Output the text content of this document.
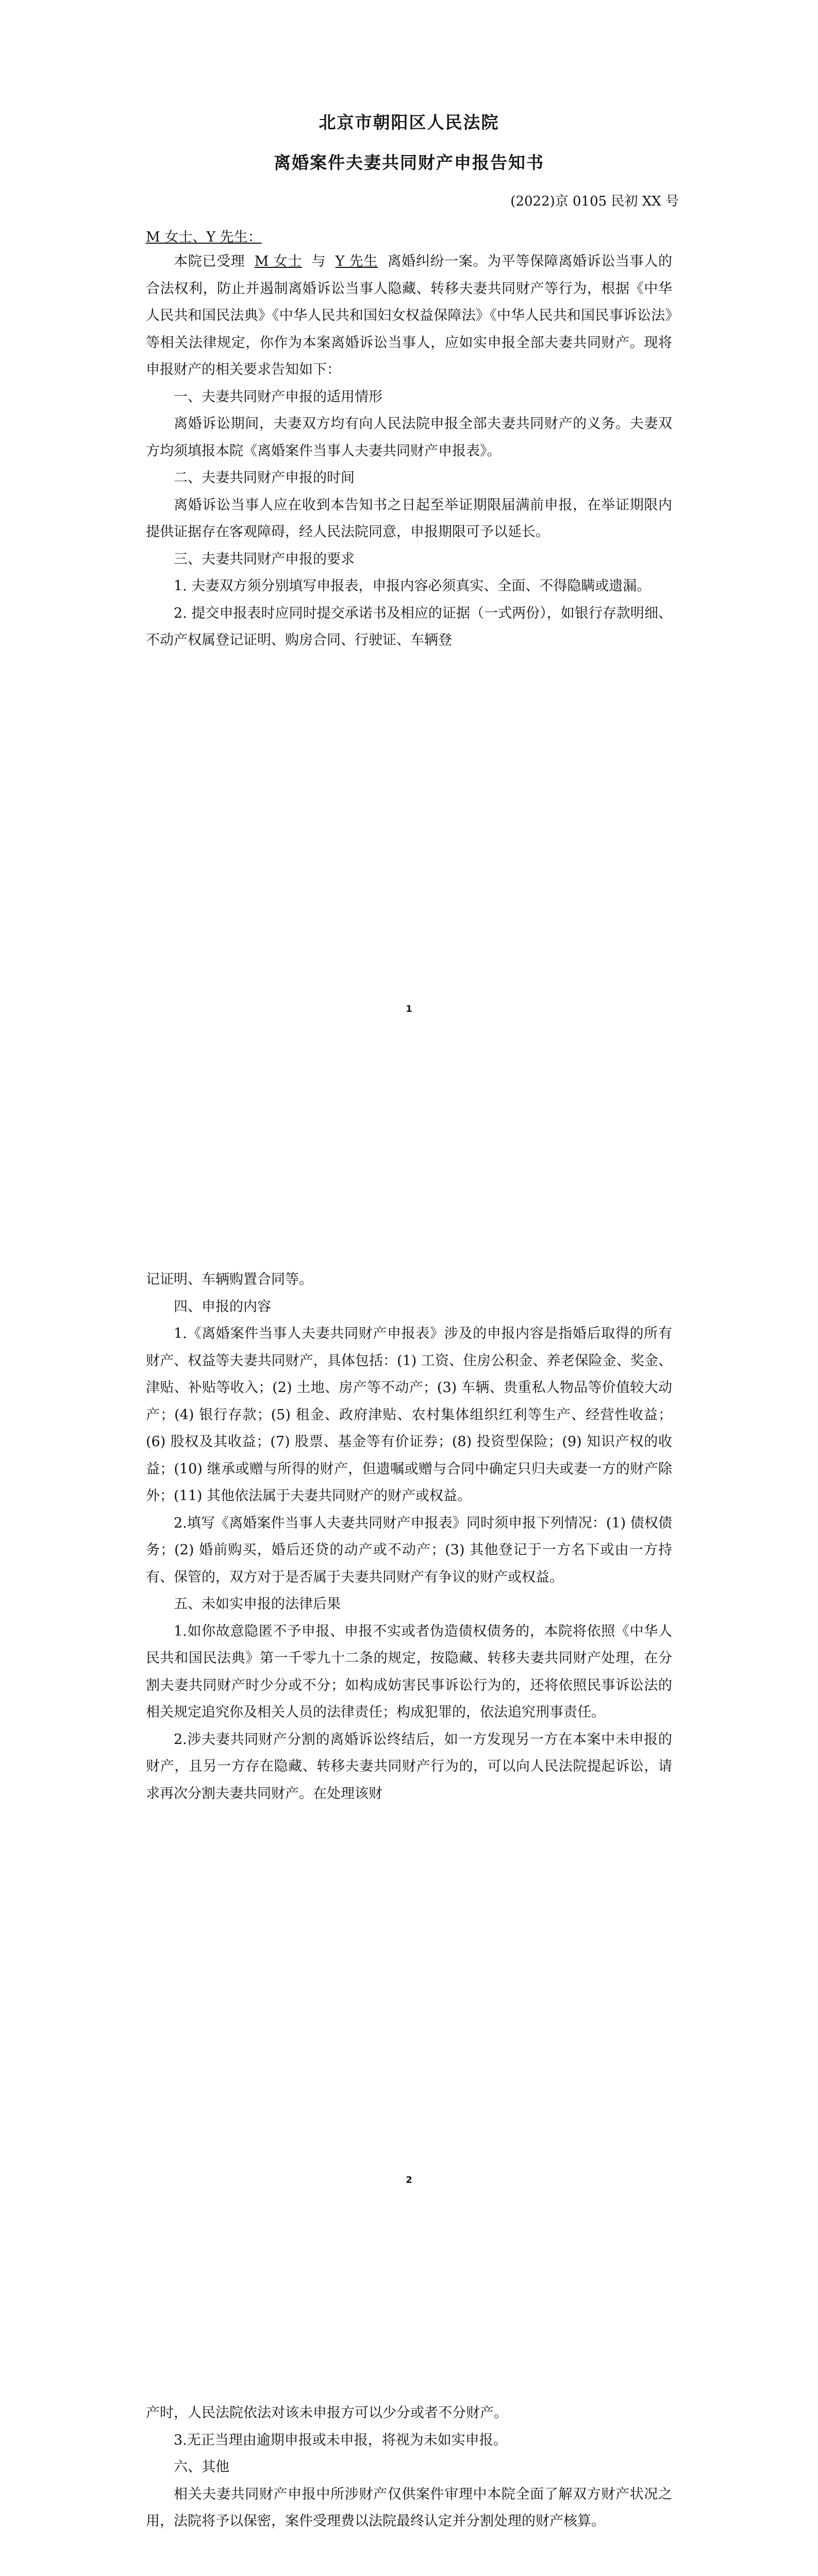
北京市朝阳区人民法院
离婚案件夫妻共同财产申报告知书
(2022)京 0105 民初 XX 号
M 女士、Y 先生：

本院已受理 M 女士 与 Y 先生 离婚纠纷一案。为平等保障离婚诉讼当事人的合法权利，防止并遏制离婚诉讼当事人隐藏、转移夫妻共同财产等行为，根据《中华人民共和国民法典》《中华人民共和国妇女权益保障法》《中华人民共和国民事诉讼法》等相关法律规定，你作为本案离婚诉讼当事人，应如实申报全部夫妻共同财产。现将申报财产的相关要求告知如下：

一、夫妻共同财产申报的适用情形

离婚诉讼期间，夫妻双方均有向人民法院申报全部夫妻共同财产的义务。夫妻双方均须填报本院《离婚案件当事人夫妻共同财产申报表》。

二、夫妻共同财产申报的时间

离婚诉讼当事人应在收到本告知书之日起至举证期限届满前申报，在举证期限内提供证据存在客观障碍，经人民法院同意，申报期限可予以延长。

三、夫妻共同财产申报的要求

1. 夫妻双方须分别填写申报表，申报内容必须真实、全面、不得隐瞒或遗漏。

2. 提交申报表时应同时提交承诺书及相应的证据（一式两份），如银行存款明细、不动产权属登记证明、购房合同、行驶证、车辆登

1

记证明、车辆购置合同等。

四、申报的内容

1.《离婚案件当事人夫妻共同财产申报表》涉及的申报内容是指婚后取得的所有财产、权益等夫妻共同财产，具体包括：(1) 工资、住房公积金、养老保险金、奖金、津贴、补贴等收入；(2) 土地、房产等不动产；(3) 车辆、贵重私人物品等价值较大动产；(4) 银行存款；(5) 租金、政府津贴、农村集体组织红利等生产、经营性收益；(6) 股权及其收益；(7) 股票、基金等有价证券；(8) 投资型保险；(9) 知识产权的收益；(10) 继承或赠与所得的财产，但遗嘱或赠与合同中确定只归夫或妻一方的财产除外；(11) 其他依法属于夫妻共同财产的财产或权益。

2.填写《离婚案件当事人夫妻共同财产申报表》同时须申报下列情况：(1) 债权债务；(2) 婚前购买，婚后还贷的动产或不动产；(3) 其他登记于一方名下或由一方持有、保管的，双方对于是否属于夫妻共同财产有争议的财产或权益。

五、未如实申报的法律后果

1.如你故意隐匿不予申报、申报不实或者伪造债权债务的，本院将依照《中华人民共和国民法典》第一千零九十二条的规定，按隐藏、转移夫妻共同财产处理，在分割夫妻共同财产时少分或不分；如构成妨害民事诉讼行为的，还将依照民事诉讼法的相关规定追究你及相关人员的法律责任；构成犯罪的，依法追究刑事责任。

2.涉夫妻共同财产分割的离婚诉讼终结后，如一方发现另一方在本案中未申报的财产，且另一方存在隐藏、转移夫妻共同财产行为的，可以向人民法院提起诉讼，请求再次分割夫妻共同财产。在处理该财

2

产时，人民法院依法对该未申报方可以少分或者不分财产。

3.无正当理由逾期申报或未申报，将视为未如实申报。

六、其他

相关夫妻共同财产申报中所涉财产仅供案件审理中本院全面了解双方财产状况之用，法院将予以保密，案件受理费以法院最终认定并分割处理的财产核算。
